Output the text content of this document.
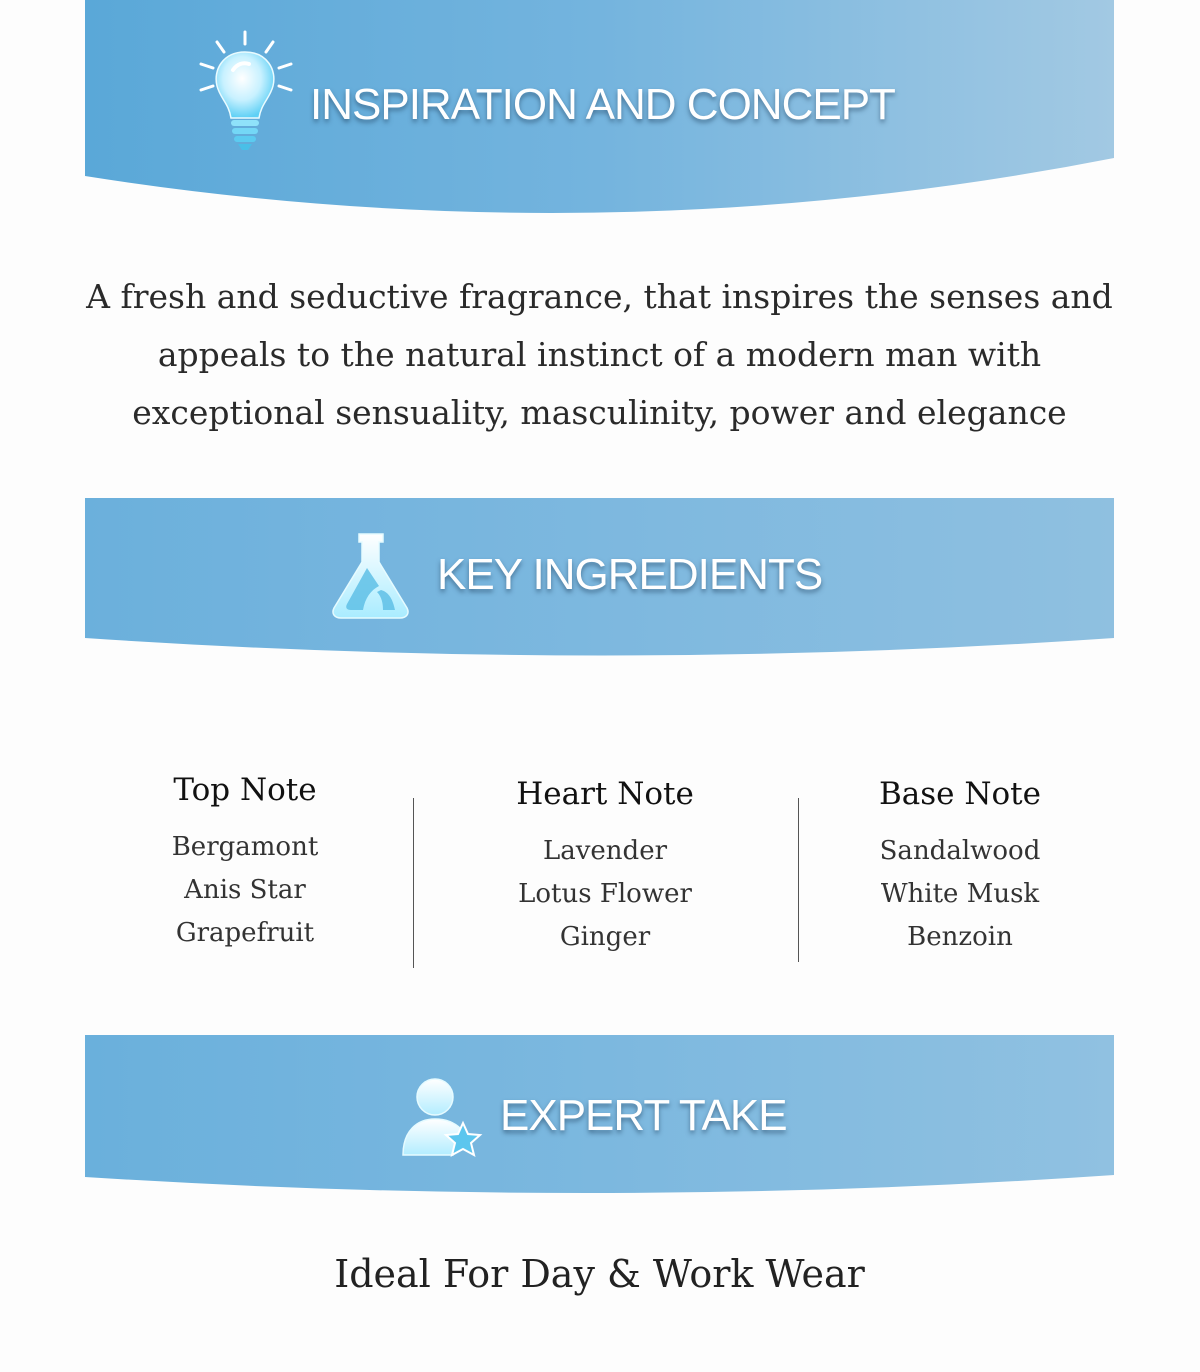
INSPIRATION AND CONCEPT

A fresh and seductive fragrance, that inspires the senses and appeals to the natural instinct of a modern man with exceptional sensuality, masculinity, power and elegance

KEY INGREDIENTS
Top Note
Bergamont
Anis Star
Grapefruit
Heart Note
Lavender
Lotus Flower
Ginger
Base Note
Sandalwood
White Musk
Benzoin
EXPERT TAKE

Ideal For Day & Work Wear
